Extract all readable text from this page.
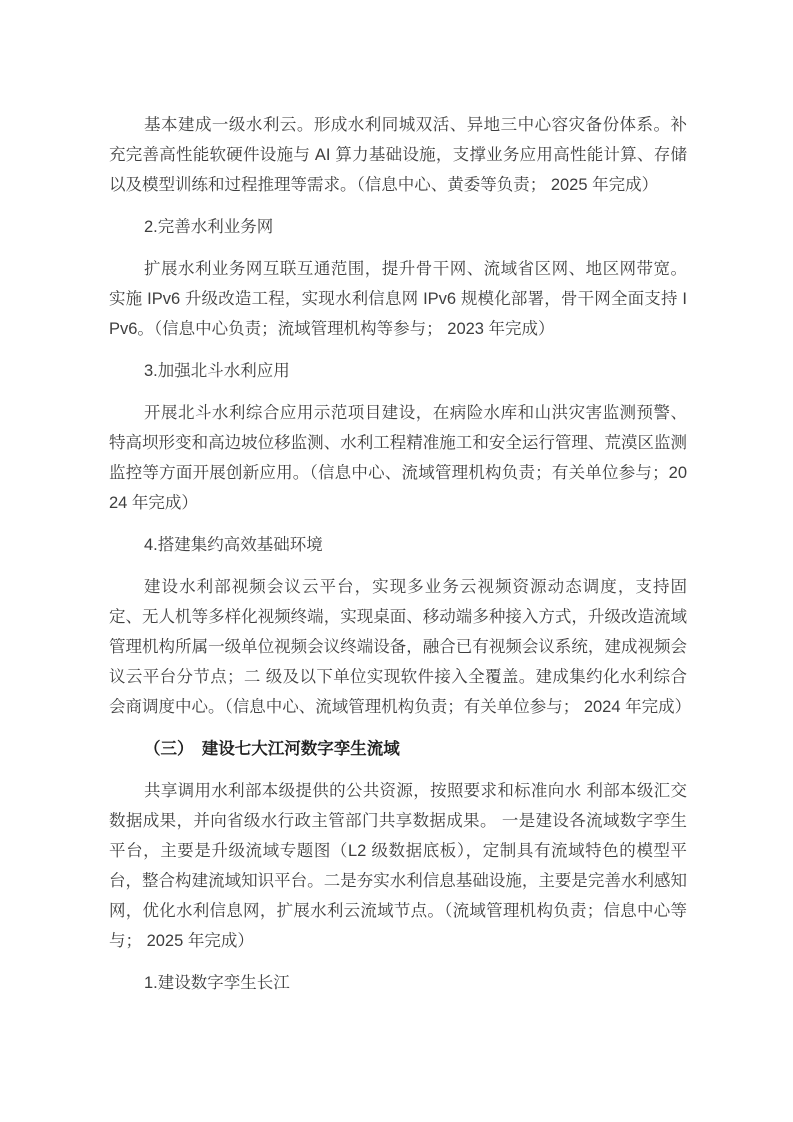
基本建成一级水利云。形成水利同城双活、异地三中心容灾备份体系。补充完善高性能软硬件设施与 AI 算力基础设施，支撑业务应用高性能计算、存储以及模型训练和过程推理等需求。（信息中心、黄委等负责； 2025 年完成）

2.完善水利业务网

扩展水利业务网互联互通范围，提升骨干网、流域省区网、地区网带宽。实施 IPv6 升级改造工程，实现水利信息网 IPv6 规模化部署，骨干网全面支持 IPv6。（信息中心负责；流域管理机构等参与； 2023 年完成）

3.加强北斗水利应用

开展北斗水利综合应用示范项目建设，在病险水库和山洪灾害监测预警、特高坝形变和高边坡位移监测、水利工程精准施工和安全运行管理、荒漠区监测监控等方面开展创新应用。（信息中心、流域管理机构负责；有关单位参与；2024 年完成）

4.搭建集约高效基础环境

建设水利部视频会议云平台，实现多业务云视频资源动态调度，支持固定、无人机等多样化视频终端，实现桌面、移动端多种接入方式，升级改造流域管理机构所属一级单位视频会议终端设备，融合已有视频会议系统，建成视频会议云平台分节点；二 级及以下单位实现软件接入全覆盖。建成集约化水利综合会商调度中心。（信息中心、流域管理机构负责；有关单位参与； 2024 年完成）

（三）　建设七大江河数字孪生流域

共享调用水利部本级提供的公共资源，按照要求和标准向水 利部本级汇交数据成果，并向省级水行政主管部门共享数据成果。 一是建设各流域数字孪生平台，主要是升级流域专题图（L2 级数据底板），定制具有流域特色的模型平台，整合构建流域知识平台。二是夯实水利信息基础设施，主要是完善水利感知网，优化水利信息网，扩展水利云流域节点。（流域管理机构负责；信息中心等与； 2025 年完成）

1.建设数字孪生长江
